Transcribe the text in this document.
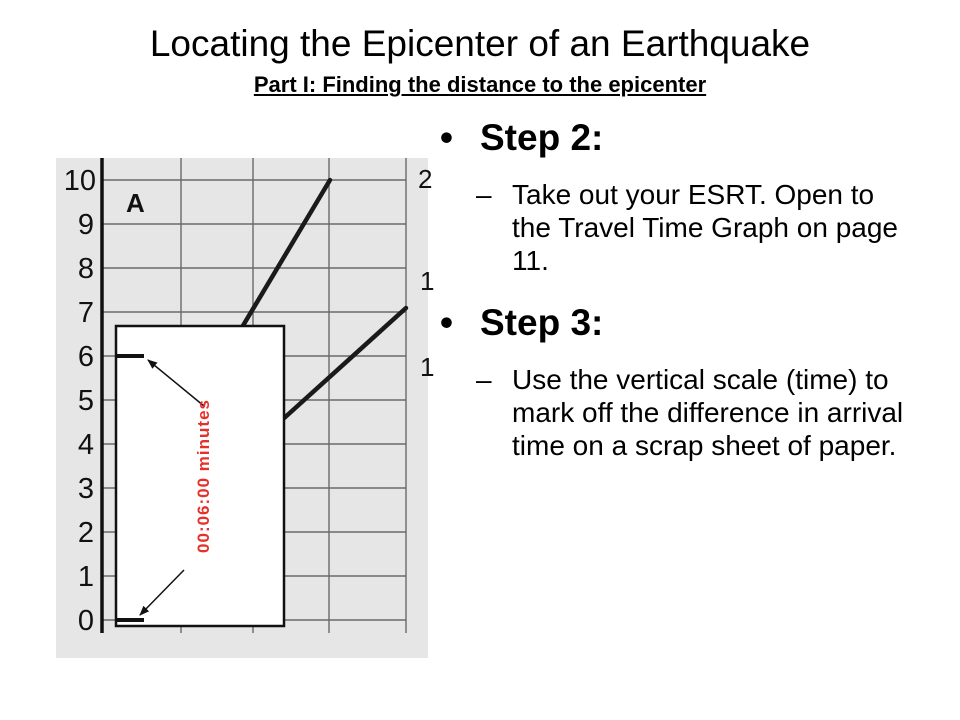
Locating the Epicenter of an Earthquake
Part I: Finding the distance to the epicenter
0
1
2
3
4
5
6
7
8
9
10
A
2
1
1
00:06:00 minutes
• Step 2:
– Take out your ESRT. Open to the Travel Time Graph on page 11.
• Step 3:
– Use the vertical scale (time) to mark off the difference in arrival time on a scrap sheet of paper.
